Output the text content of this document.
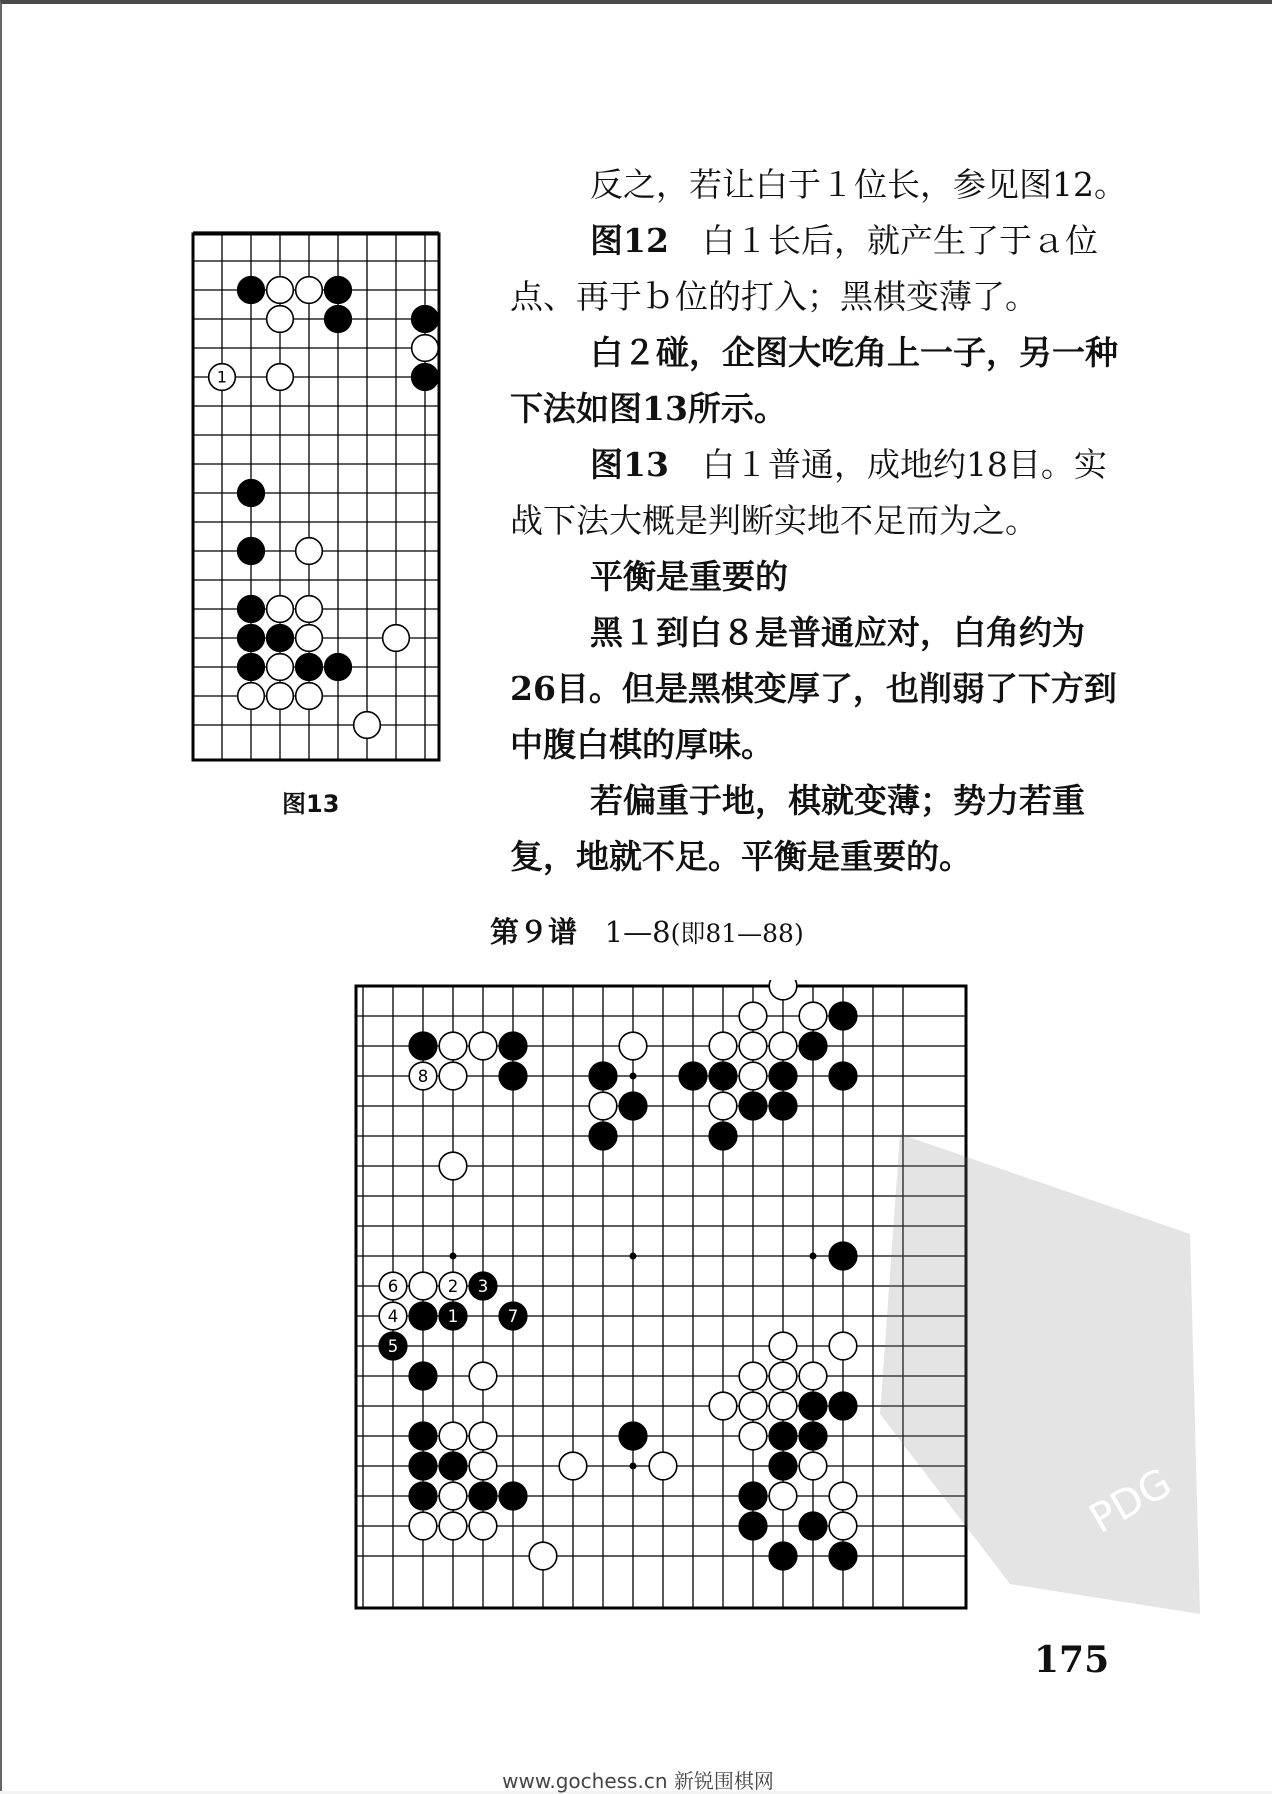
1
图13

反之，若让白于１位长，参见图12。

图12　白１长后，就产生了于ａ位点、再于ｂ位的打入；黑棋变薄了。

白２碰，企图大吃角上一子，另一种下法如图13所示。

图13　白１普通，成地约18目。实战下法大概是判断实地不足而为之。

平衡是重要的

黑１到白８是普通应对，白角约为26目。但是黑棋变厚了，也削弱了下方到中腹白棋的厚味。

若偏重于地，棋就变薄；势力若重复，地就不足。平衡是重要的。

第９谱 1—8(即81—88)
8
6	2 3
4	1	7
5
PDG
175
www.gochess.cn 新锐围棋网
